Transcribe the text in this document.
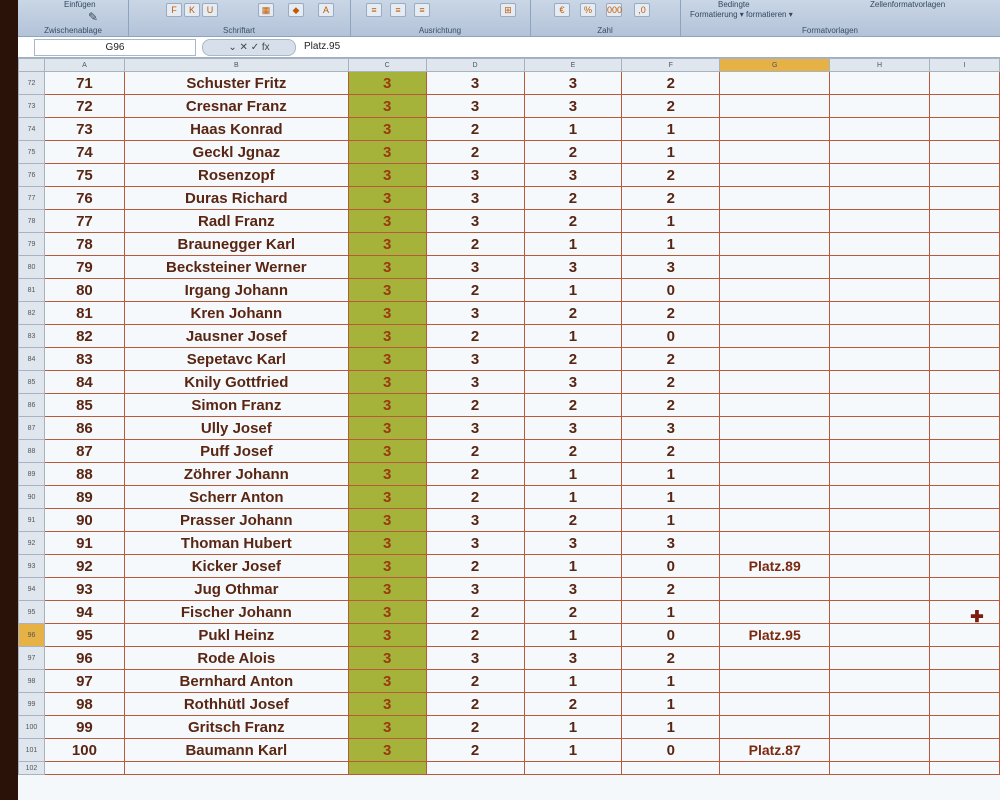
Einfügen
✎
Zwischenablage
F	K	U	▦	◆	A
Schriftart
≡	≡	≡	⊞
Ausrichtung
€	%	000	,0
Zahl
Bedingte
Formatierung ▾ formatieren ▾
Zellenformatvorlagen
Formatvorlagen
G96	⌄ ✕ ✓ fx	Platz.95
	A	B	C	D	E	F	G	H	I
72	71	Schuster Fritz	3	3	3	2			
73	72	Cresnar Franz	3	3	3	2			
74	73	Haas Konrad	3	2	1	1			
75	74	Geckl Jgnaz	3	2	2	1			
76	75	Rosenzopf	3	3	3	2			
77	76	Duras Richard	3	3	2	2			
78	77	Radl Franz	3	3	2	1			
79	78	Braunegger Karl	3	2	1	1			
80	79	Becksteiner Werner	3	3	3	3			
81	80	Irgang Johann	3	2	1	0			
82	81	Kren Johann	3	3	2	2			
83	82	Jausner Josef	3	2	1	0			
84	83	Sepetavc Karl	3	3	2	2			
85	84	Knily Gottfried	3	3	3	2			
86	85	Simon Franz	3	2	2	2			
87	86	Ully Josef	3	3	3	3			
88	87	Puff Josef	3	2	2	2			
89	88	Zöhrer Johann	3	2	1	1			
90	89	Scherr Anton	3	2	1	1			
91	90	Prasser Johann	3	3	2	1			
92	91	Thoman Hubert	3	3	3	3			
93	92	Kicker Josef	3	2	1	0	Platz.89		
94	93	Jug Othmar	3	3	3	2			
95	94	Fischer Johann	3	2	2	1			
96	95	Pukl Heinz	3	2	1	0	Platz.95		
97	96	Rode Alois	3	3	3	2			
98	97	Bernhard Anton	3	2	1	1			
99	98	Rothhütl Josef	3	2	2	1			
100	99	Gritsch Franz	3	2	1	1			
101	100	Baumann Karl	3	2	1	0	Platz.87		
102									
✚
